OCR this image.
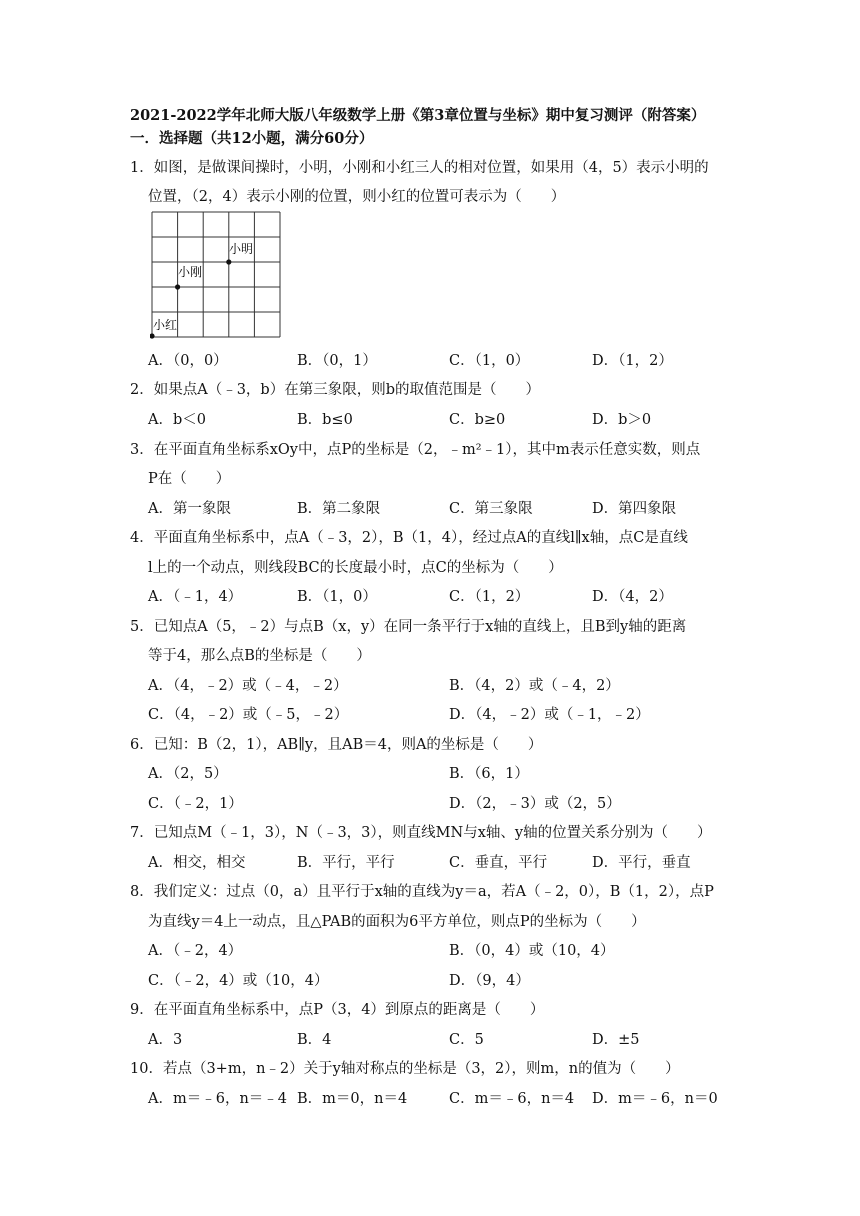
2021-2022学年北师大版八年级数学上册《第3章位置与坐标》期中复习测评（附答案）
一．选择题（共12小题，满分60分）
1．如图，是做课间操时，小明，小刚和小红三人的相对位置，如果用（4，5）表示小明的
位置，（2，4）表示小刚的位置，则小红的位置可表示为（　　）
小明
小刚
小红
A．（0，0）	B．（0，1）	C．（1，0）	D．（1，2）
2．如果点A（﹣3，b）在第三象限，则b的取值范围是（　　）
A．b＜0	B．b≤0	C．b≥0	D．b＞0
3．在平面直角坐标系xOy中，点P的坐标是（2，﹣m²﹣1），其中m表示任意实数，则点
P在（　　）
A．第一象限	B．第二象限	C．第三象限	D．第四象限
4．平面直角坐标系中，点A（﹣3，2），B（1，4），经过点A的直线l∥x轴，点C是直线
l上的一个动点，则线段BC的长度最小时，点C的坐标为（　　）
A．（﹣1，4）	B．（1，0）	C．（1，2）	D．（4，2）
5．已知点A（5，﹣2）与点B（x，y）在同一条平行于x轴的直线上，且B到y轴的距离
等于4，那么点B的坐标是（　　）
A．（4，﹣2）或（﹣4，﹣2）	B．（4，2）或（﹣4，2）
C．（4，﹣2）或（﹣5，﹣2）	D．（4，﹣2）或（﹣1，﹣2）
6．已知：B（2，1），AB∥y，且AB＝4，则A的坐标是（　　）
A．（2，5）	B．（6，1）
C．（﹣2，1）	D．（2，﹣3）或（2，5）
7．已知点M（﹣1，3），N（﹣3，3），则直线MN与x轴、y轴的位置关系分别为（　　）
A．相交，相交	B．平行，平行	C．垂直，平行	D．平行，垂直
8．我们定义：过点（0，a）且平行于x轴的直线为y＝a，若A（﹣2，0），B（1，2），点P
为直线y＝4上一动点，且△PAB的面积为6平方单位，则点P的坐标为（　　）
A．（﹣2，4）	B．（0，4）或（10，4）
C．（﹣2，4）或（10，4）	D．（9，4）
9．在平面直角坐标系中，点P（3，4）到原点的距离是（　　）
A．3	B．4	C．5	D．±5
10．若点（3+m，n﹣2）关于y轴对称点的坐标是（3，2），则m，n的值为（　　）
A．m＝﹣6，n＝﹣4 B．m＝0，n＝4	C．m＝﹣6，n＝4 D．m＝﹣6，n＝0
